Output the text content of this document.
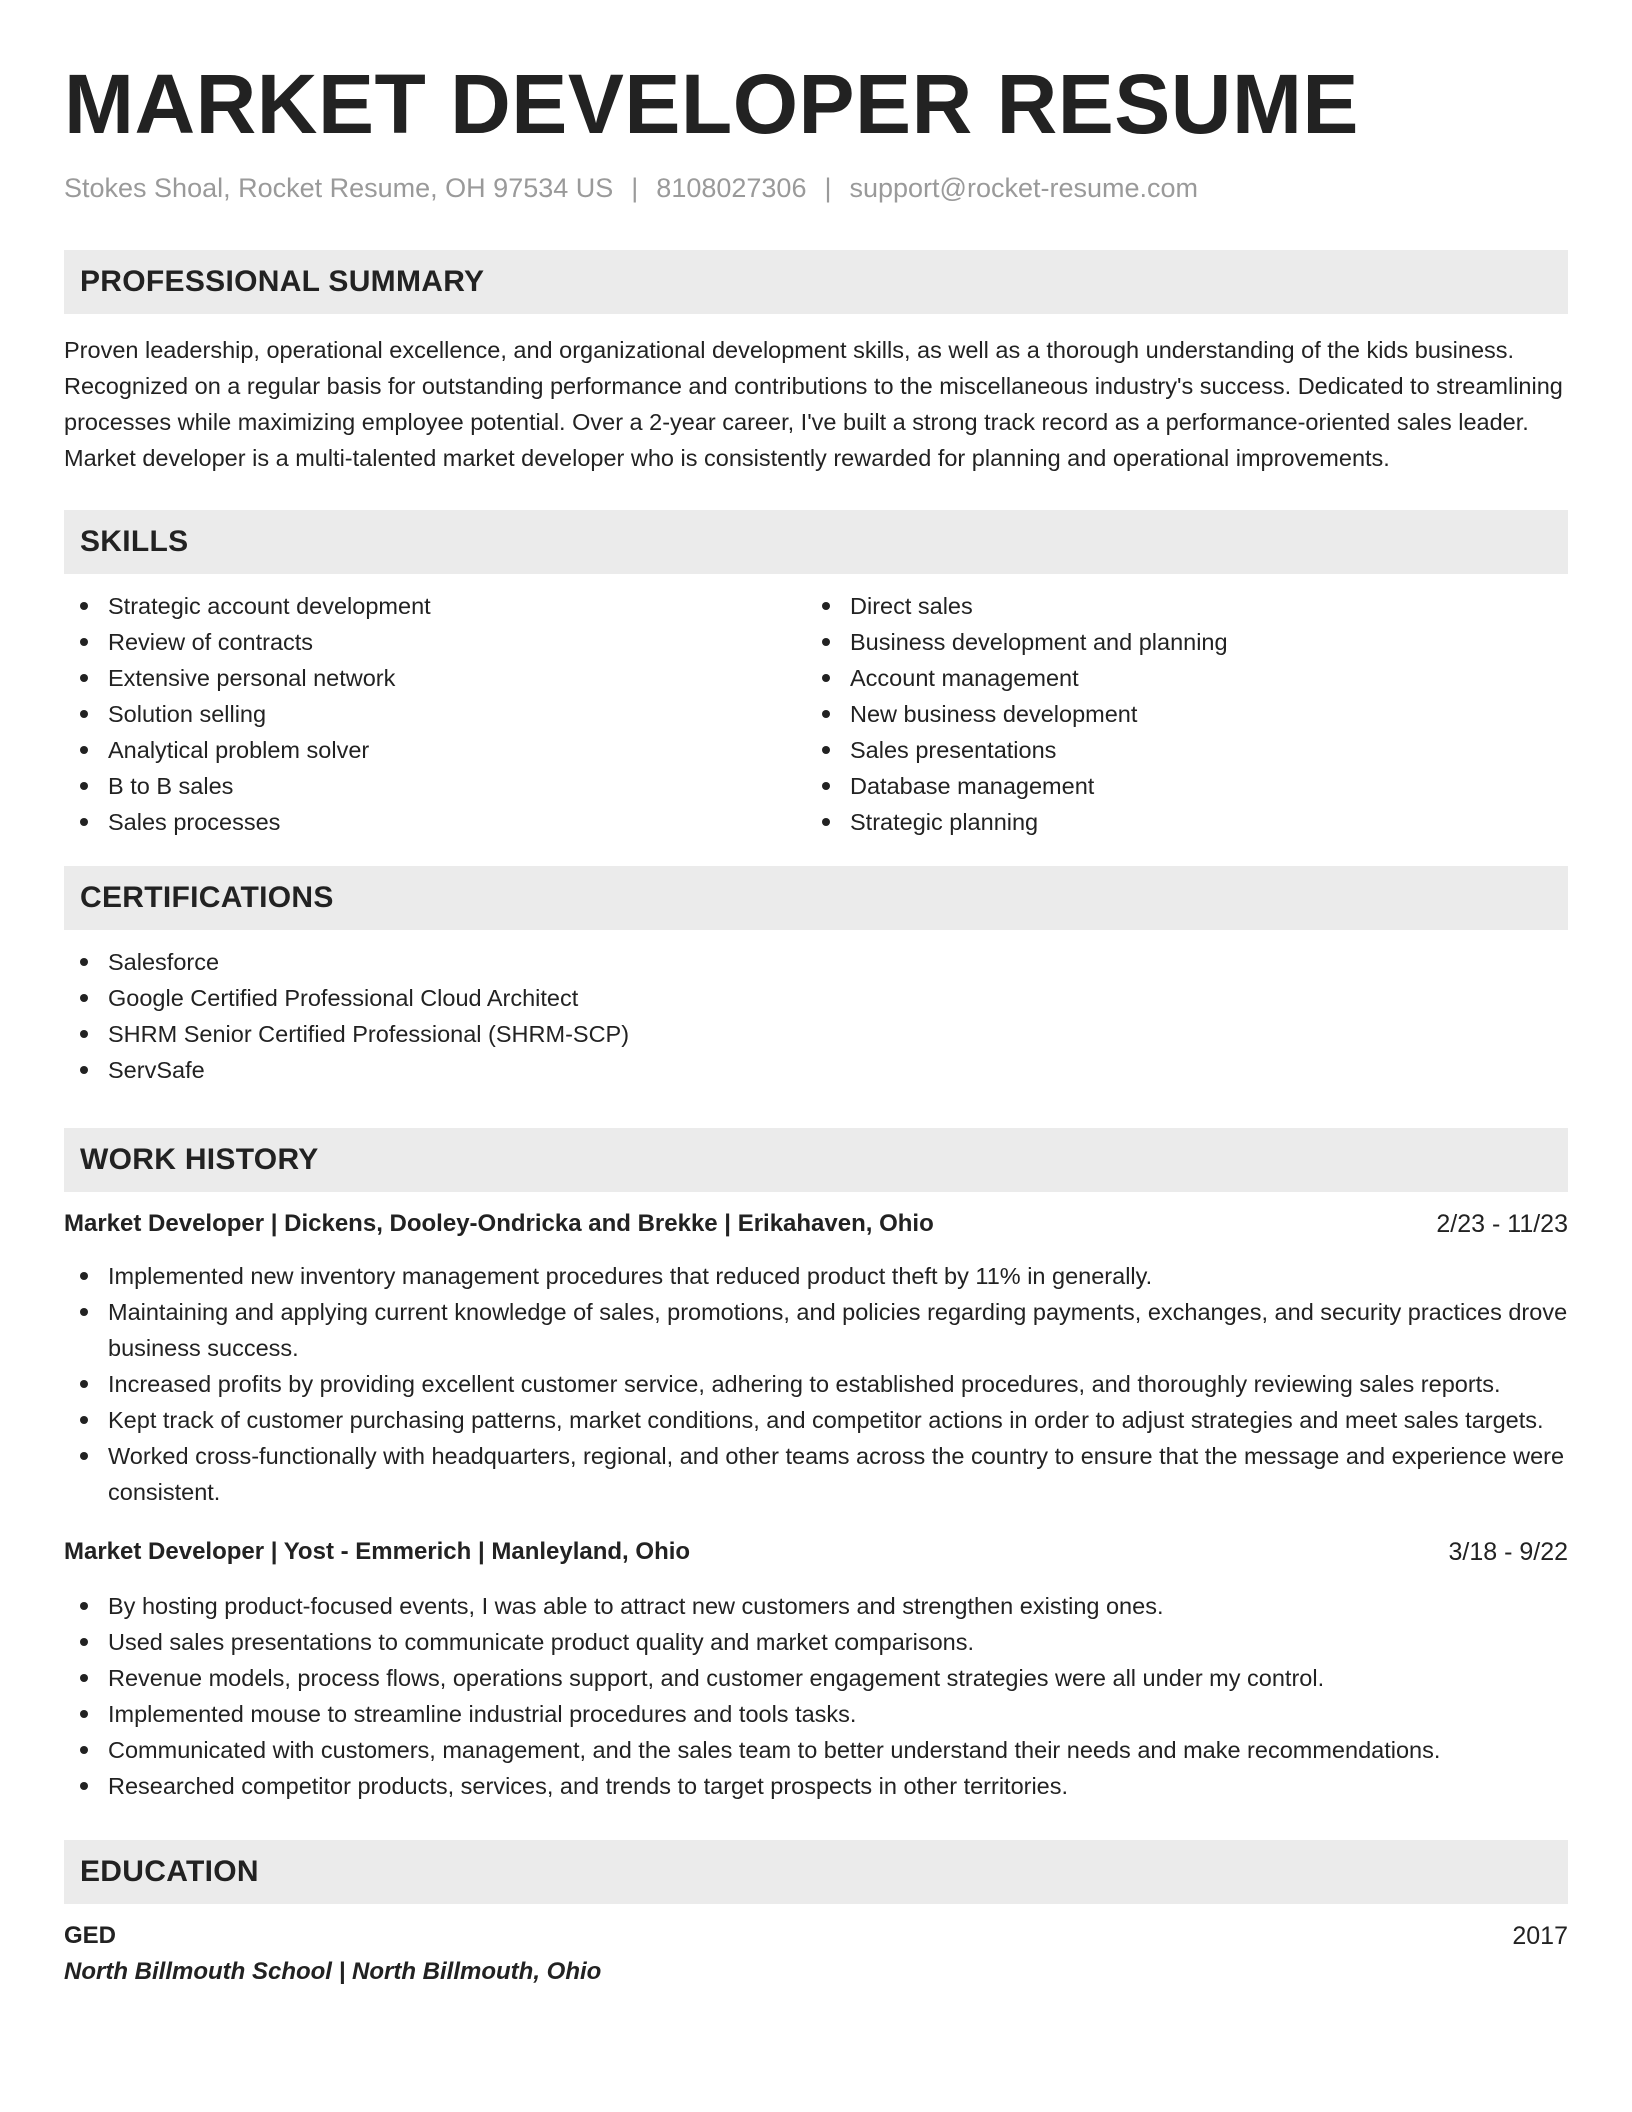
MARKET DEVELOPER RESUME
Stokes Shoal, Rocket Resume, OH 97534 US | 8108027306 | support@rocket-resume.com
PROFESSIONAL SUMMARY

Proven leadership, operational excellence, and organizational development skills, as well as a thorough understanding of the kids business. Recognized on a regular basis for outstanding performance and contributions to the miscellaneous industry's success. Dedicated to streamlining processes while maximizing employee potential. Over a 2-year career, I've built a strong track record as a performance-oriented sales leader. Market developer is a multi-talented market developer who is consistently rewarded for planning and operational improvements.

SKILLS
Strategic account development
Review of contracts
Extensive personal network
Solution selling
Analytical problem solver
B to B sales
Sales processes
Direct sales
Business development and planning
Account management
New business development
Sales presentations
Database management
Strategic planning
CERTIFICATIONS
Salesforce
Google Certified Professional Cloud Architect
SHRM Senior Certified Professional (SHRM-SCP)
ServSafe
WORK HISTORY
Market Developer | Dickens, Dooley-Ondricka and Brekke | Erikahaven, Ohio	2/23 - 11/23
Implemented new inventory management procedures that reduced product theft by 11% in generally.
Maintaining and applying current knowledge of sales, promotions, and policies regarding payments, exchanges, and security practices drove business success.
Increased profits by providing excellent customer service, adhering to established procedures, and thoroughly reviewing sales reports.
Kept track of customer purchasing patterns, market conditions, and competitor actions in order to adjust strategies and meet sales targets.
Worked cross-functionally with headquarters, regional, and other teams across the country to ensure that the message and experience were consistent.
Market Developer | Yost - Emmerich | Manleyland, Ohio	3/18 - 9/22
By hosting product-focused events, I was able to attract new customers and strengthen existing ones.
Used sales presentations to communicate product quality and market comparisons.
Revenue models, process flows, operations support, and customer engagement strategies were all under my control.
Implemented mouse to streamline industrial procedures and tools tasks.
Communicated with customers, management, and the sales team to better understand their needs and make recommendations.
Researched competitor products, services, and trends to target prospects in other territories.
EDUCATION
GED	2017
North Billmouth School | North Billmouth, Ohio
